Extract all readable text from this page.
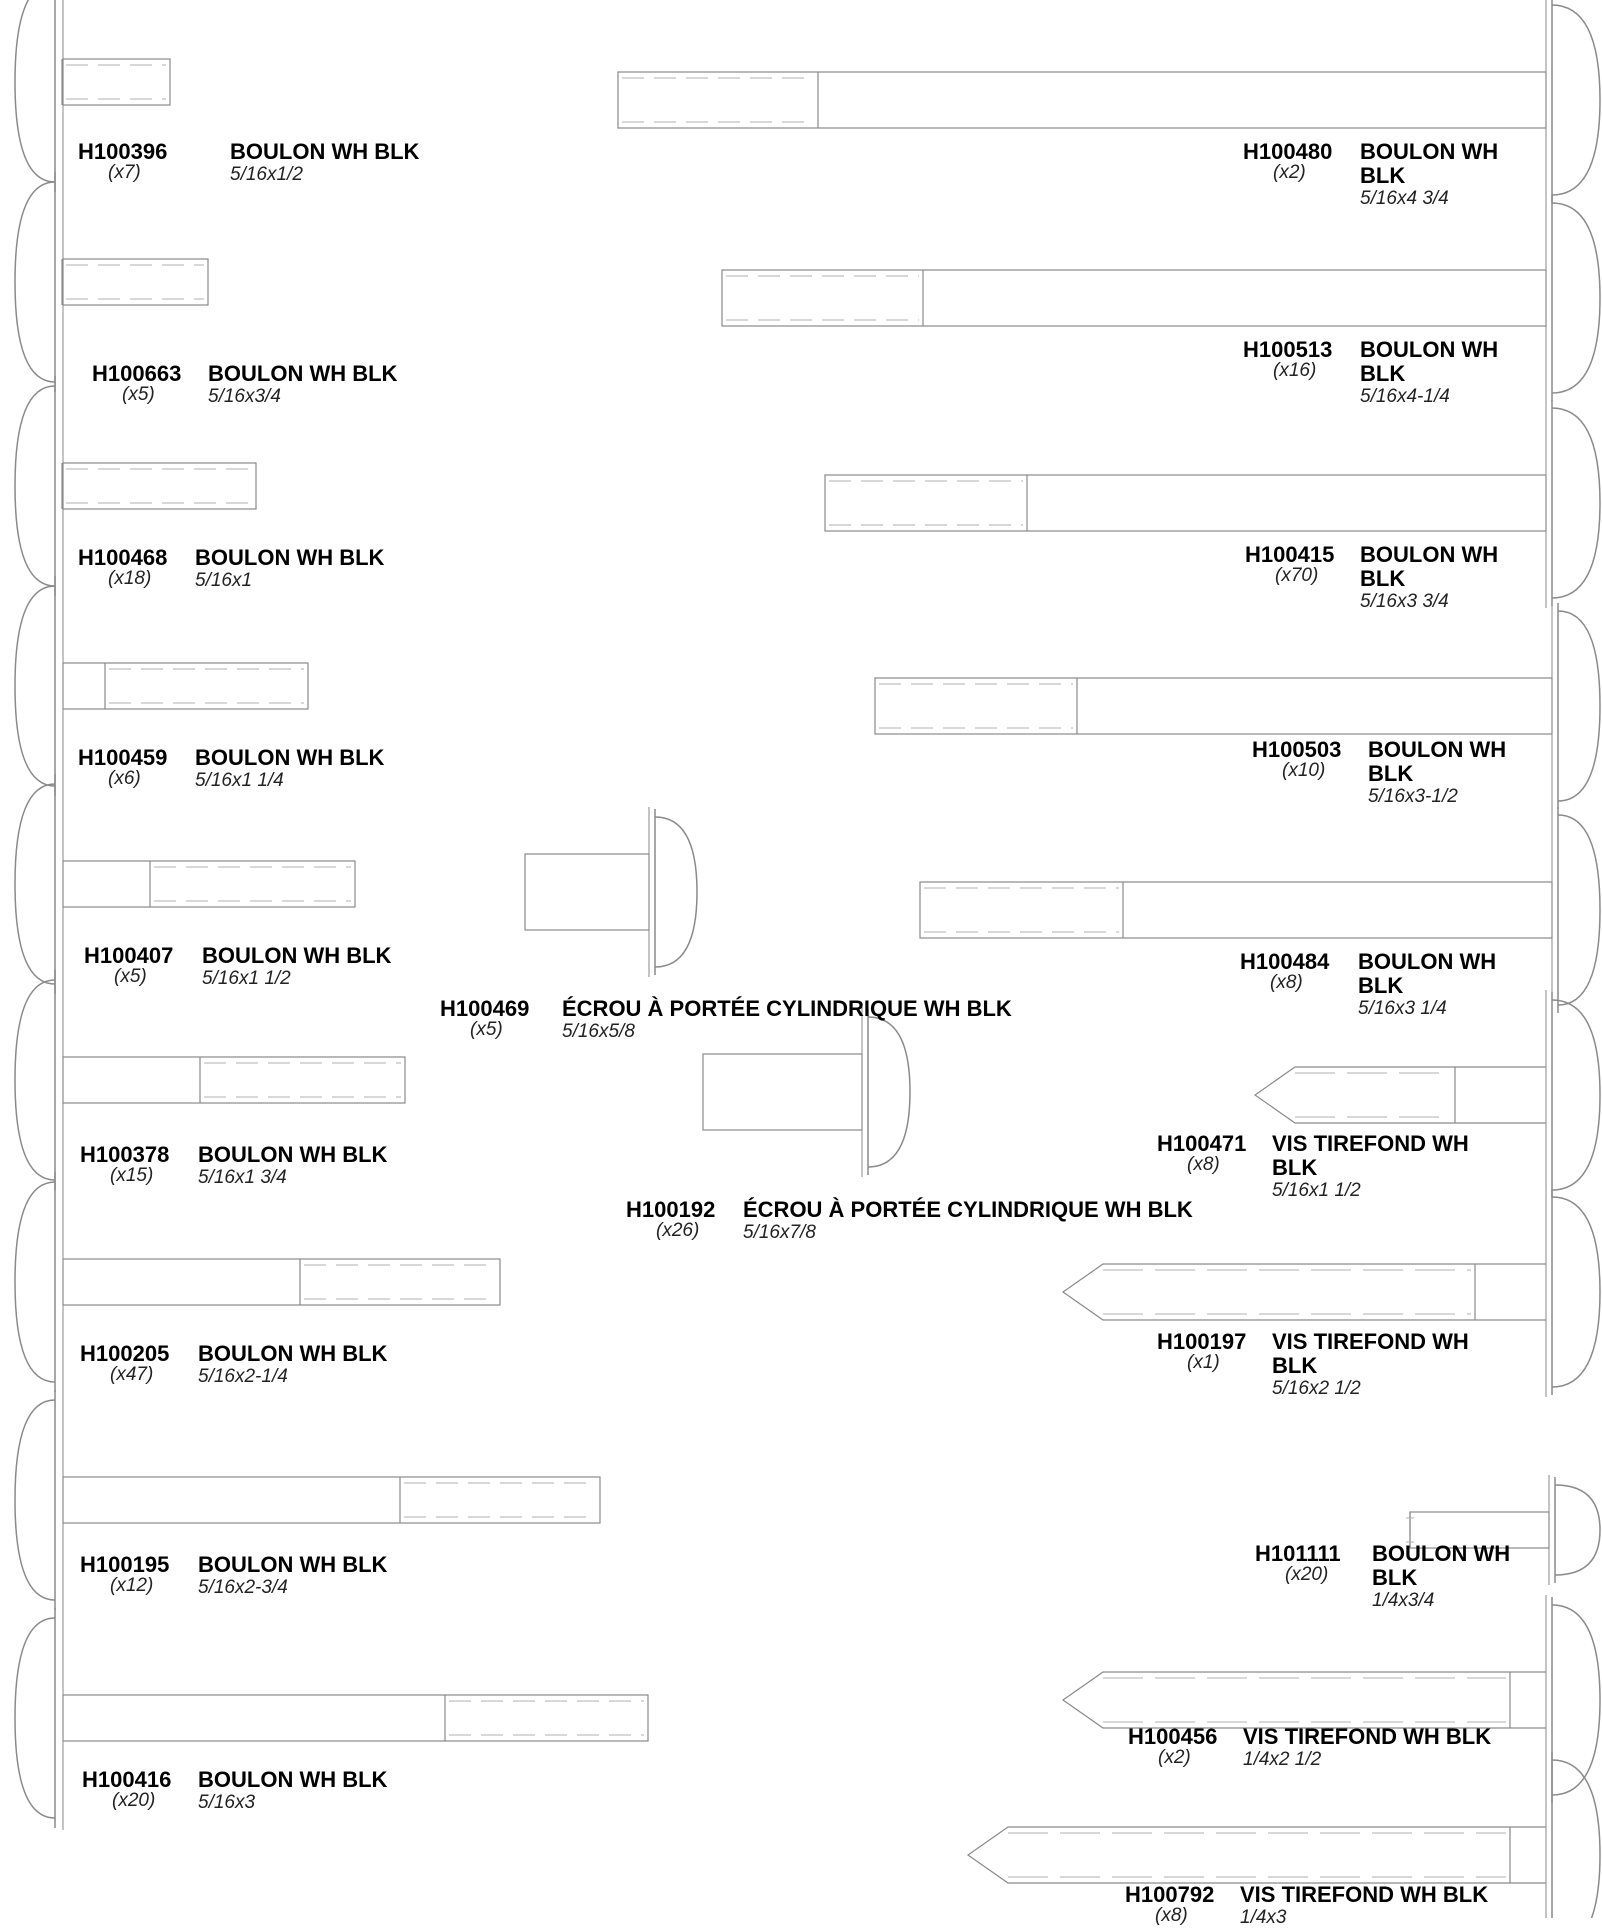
H100396
(x7)
BOULON WH BLK
5/16x1/2
H100663
(x5)
BOULON WH BLK
5/16x3/4
H100468
(x18)
BOULON WH BLK
5/16x1
H100459
(x6)
BOULON WH BLK
5/16x1 1/4
H100407
(x5)
BOULON WH BLK
5/16x1 1/2
H100378
(x15)
BOULON WH BLK
5/16x1 3/4
H100205
(x47)
BOULON WH BLK
5/16x2-1/4
H100195
(x12)
BOULON WH BLK
5/16x2-3/4
H100416
(x20)
BOULON WH BLK
5/16x3
H100469
(x5)
ÉCROU À PORTÉE CYLINDRIQUE WH BLK
5/16x5/8
H100192
(x26)
ÉCROU À PORTÉE CYLINDRIQUE WH BLK
5/16x7/8
H100480
(x2)
BOULON WH
BLK
5/16x4 3/4
H100513
(x16)
BOULON WH
BLK
5/16x4-1/4
H100415
(x70)
BOULON WH
BLK
5/16x3 3/4
H100503
(x10)
BOULON WH
BLK
5/16x3-1/2
H100484
(x8)
BOULON WH
BLK
5/16x3 1/4
H100471
(x8)
VIS TIREFOND WH
BLK
5/16x1 1/2
H100197
(x1)
VIS TIREFOND WH
BLK
5/16x2 1/2
H101111
(x20)
BOULON WH
BLK
1/4x3/4
H100456
(x2)
VIS TIREFOND WH BLK
1/4x2 1/2
H100792
(x8)
VIS TIREFOND WH BLK
1/4x3
